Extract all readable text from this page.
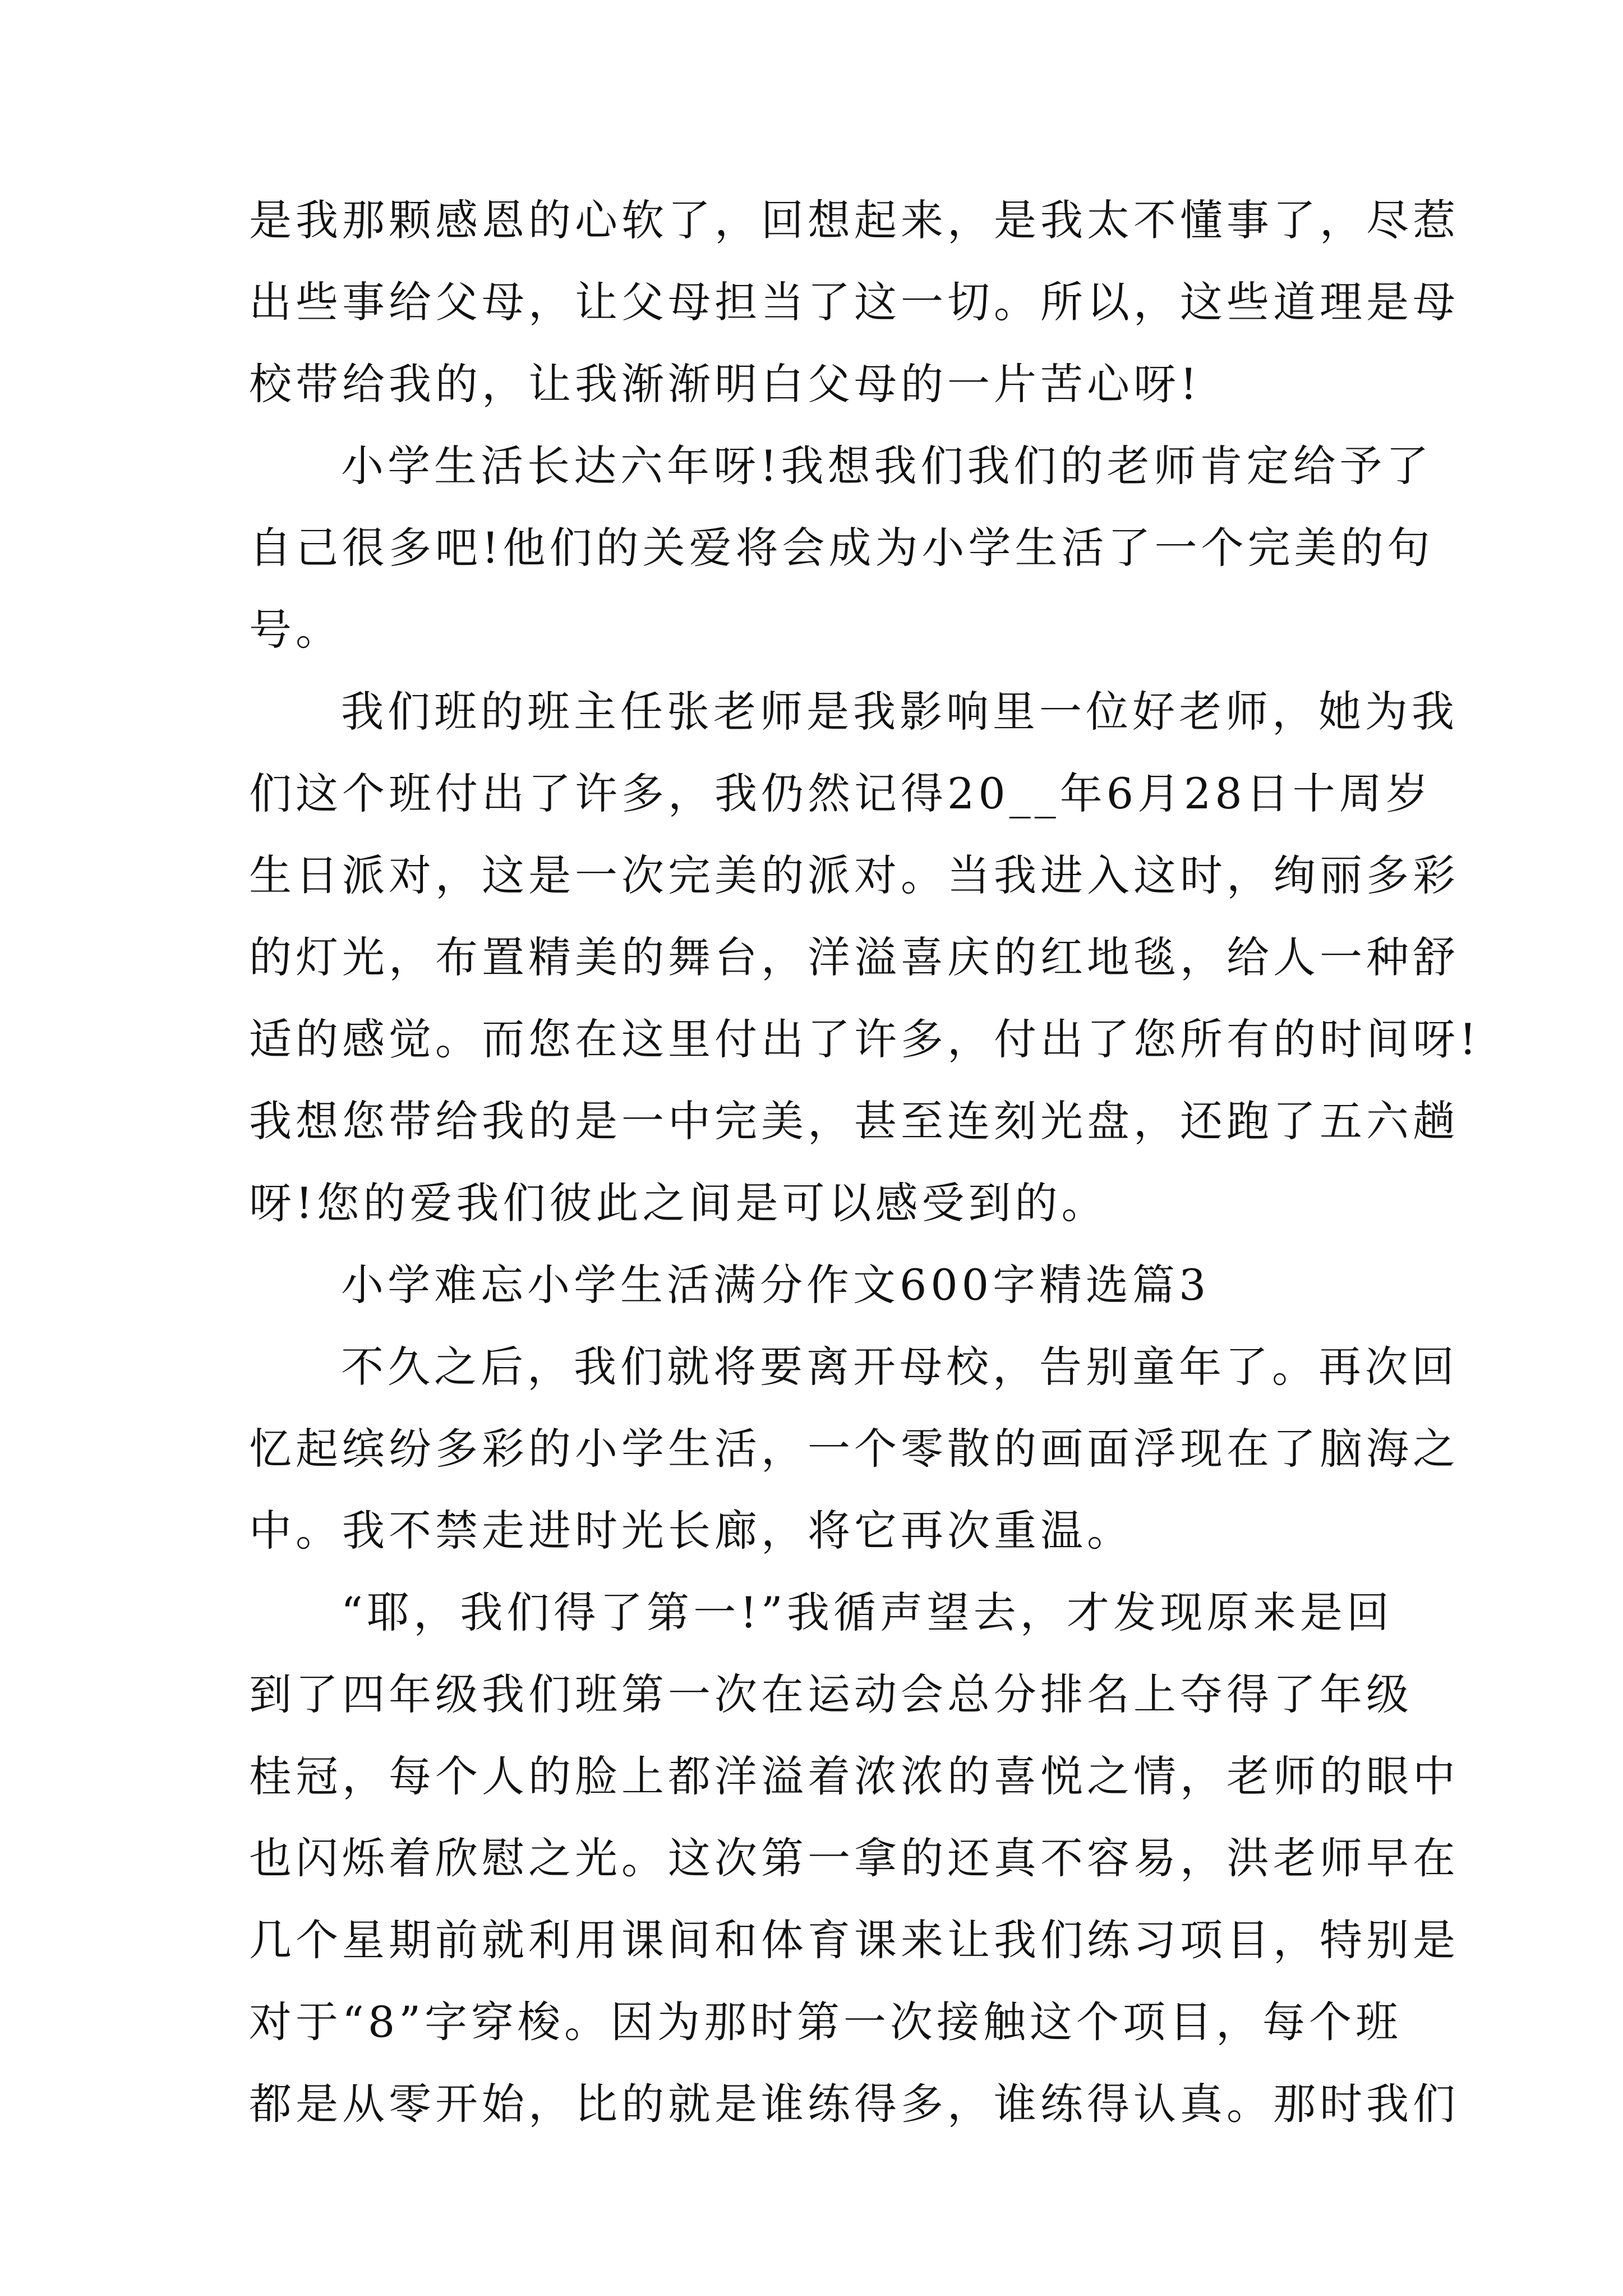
是我那颗感恩的心软了，回想起来，是我太不懂事了，尽惹
出些事给父母，让父母担当了这一切。所以，这些道理是母
校带给我的，让我渐渐明白父母的一片苦心呀!
小学生活长达六年呀!我想我们我们的老师肯定给予了
自己很多吧!他们的关爱将会成为小学生活了一个完美的句
号。
我们班的班主任张老师是我影响里一位好老师，她为我
们这个班付出了许多，我仍然记得20__年6月28日十周岁
生日派对，这是一次完美的派对。当我进入这时，绚丽多彩
的灯光，布置精美的舞台，洋溢喜庆的红地毯，给人一种舒
适的感觉。而您在这里付出了许多，付出了您所有的时间呀!
我想您带给我的是一中完美，甚至连刻光盘，还跑了五六趟
呀!您的爱我们彼此之间是可以感受到的。
小学难忘小学生活满分作文600字精选篇3
不久之后，我们就将要离开母校，告别童年了。再次回
忆起缤纷多彩的小学生活，一个零散的画面浮现在了脑海之
中。我不禁走进时光长廊，将它再次重温。
“耶，我们得了第一!”我循声望去，才发现原来是回
到了四年级我们班第一次在运动会总分排名上夺得了年级
桂冠，每个人的脸上都洋溢着浓浓的喜悦之情，老师的眼中
也闪烁着欣慰之光。这次第一拿的还真不容易，洪老师早在
几个星期前就利用课间和体育课来让我们练习项目，特别是
对于“8”字穿梭。因为那时第一次接触这个项目，每个班
都是从零开始，比的就是谁练得多，谁练得认真。那时我们
